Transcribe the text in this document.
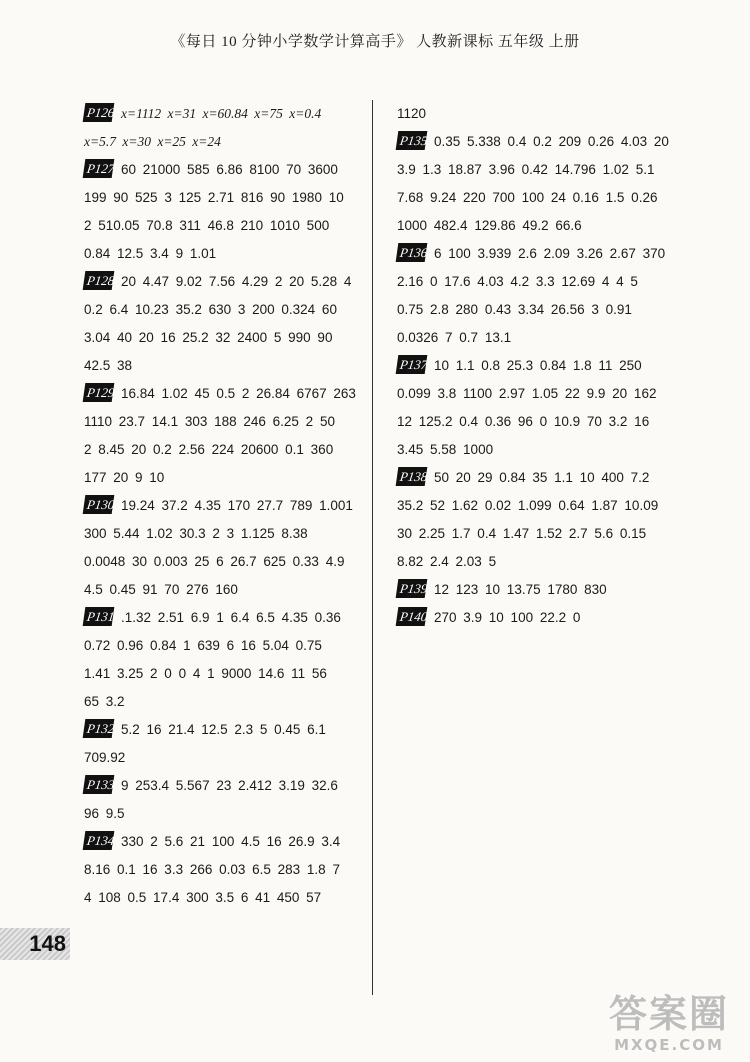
《每日 10 分钟小学数学计算高手》 人教新课标 五年级 上册
P126 x=1112 x=31 x=60.84 x=75 x=0.4
x=5.7 x=30 x=25 x=24
P127 60 21000 585 6.86 8100 70 3600
199 90 525 3 125 2.71 816 90 1980 10
2 510.05 70.8 311 46.8 210 1010 500
0.84 12.5 3.4 9 1.01
P128 20 4.47 9.02 7.56 4.29 2 20 5.28 4
0.2 6.4 10.23 35.2 630 3 200 0.324 60
3.04 40 20 16 25.2 32 2400 5 990 90
42.5 38
P129 16.84 1.02 45 0.5 2 26.84 6767 263
1110 23.7 14.1 303 188 246 6.25 2 50
2 8.45 20 0.2 2.56 224 20600 0.1 360
177 20 9 10
P130 19.24 37.2 4.35 170 27.7 789 1.001
300 5.44 1.02 30.3 2 3 1.125 8.38
0.0048 30 0.003 25 6 26.7 625 0.33 4.9
4.5 0.45 91 70 276 160
P131 .1.32 2.51 6.9 1 6.4 6.5 4.35 0.36
0.72 0.96 0.84 1 639 6 16 5.04 0.75
1.41 3.25 2 0 0 4 1 9000 14.6 11 56
65 3.2
P132 5.2 16 21.4 12.5 2.3 5 0.45 6.1
709.92
P133 9 253.4 5.567 23 2.412 3.19 32.6
96 9.5
P134 330 2 5.6 21 100 4.5 16 26.9 3.4
8.16 0.1 16 3.3 266 0.03 6.5 283 1.8 7
4 108 0.5 17.4 300 3.5 6 41 450 57
1120
P135 0.35 5.338 0.4 0.2 209 0.26 4.03 20
3.9 1.3 18.87 3.96 0.42 14.796 1.02 5.1
7.68 9.24 220 700 100 24 0.16 1.5 0.26
1000 482.4 129.86 49.2 66.6
P136 6 100 3.939 2.6 2.09 3.26 2.67 370
2.16 0 17.6 4.03 4.2 3.3 12.69 4 4 5
0.75 2.8 280 0.43 3.34 26.56 3 0.91
0.0326 7 0.7 13.1
P137 10 1.1 0.8 25.3 0.84 1.8 11 250
0.099 3.8 1100 2.97 1.05 22 9.9 20 162
12 125.2 0.4 0.36 96 0 10.9 70 3.2 16
3.45 5.58 1000
P138 50 20 29 0.84 35 1.1 10 400 7.2
35.2 52 1.62 0.02 1.099 0.64 1.87 10.09
30 2.25 1.7 0.4 1.47 1.52 2.7 5.6 0.15
8.82 2.4 2.03 5
P139 12 123 10 13.75 1780 830
P140 270 3.9 10 100 22.2 0
148
答案圈
MXQE.COM
